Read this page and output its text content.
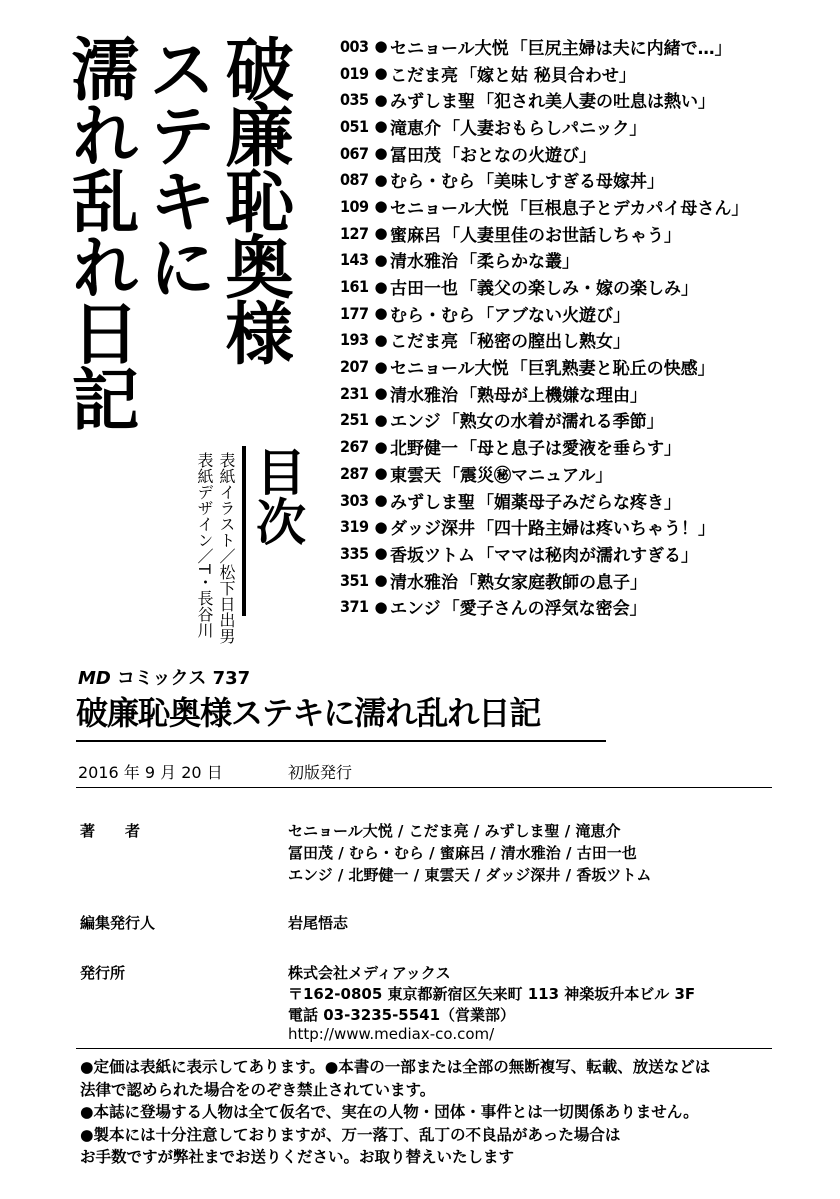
破廉恥奥様
ステキに
濡れ乱れ日記
目次
表紙イラスト／松下日出男
表紙デザイン／T・長谷川
003 ● セニョール大悦 「巨尻主婦は夫に内緒で…」
019 ● こだま亮 「嫁と姑 秘貝合わせ」
035 ● みずしま聖 「犯され美人妻の吐息は熱い」
051 ● 滝恵介 「人妻おもらしパニック」
067 ● 冨田茂 「おとなの火遊び」
087 ● むら・むら 「美味しすぎる母嫁丼」
109 ● セニョール大悦 「巨根息子とデカパイ母さん」
127 ● 蜜麻呂 「人妻里佳のお世話しちゃう」
143 ● 清水雅治 「柔らかな叢」
161 ● 古田一也 「義父の楽しみ・嫁の楽しみ」
177 ● むら・むら 「アブない火遊び」
193 ● こだま亮 「秘密の膣出し熟女」
207 ● セニョール大悦 「巨乳熟妻と恥丘の快感」
231 ● 清水雅治 「熟母が上機嫌な理由」
251 ● エンジ 「熟女の水着が濡れる季節」
267 ● 北野健一 「母と息子は愛液を垂らす」
287 ● 東雲天 「震災㊙マニュアル」
303 ● みずしま聖 「媚薬母子みだらな疼き」
319 ● ダッジ深井 「四十路主婦は疼いちゃう！」
335 ● 香坂ツトム 「ママは秘肉が濡れすぎる」
351 ● 清水雅治 「熟女家庭教師の息子」
371 ● エンジ 「愛子さんの浮気な密会」
MD コミックス 737
破廉恥奥様ステキに濡れ乱れ日記
2016 年 9 月 20 日	初版発行
著　　者	セニョール大悦 / こだま亮 / みずしま聖 / 滝恵介
冨田茂 / むら・むら / 蜜麻呂 / 清水雅治 / 古田一也
エンジ / 北野健一 / 東雲天 / ダッジ深井 / 香坂ツトム
編集発行人	岩尾悟志
発行所	株式会社メディアックス
〒162-0805 東京都新宿区矢来町 113 神楽坂升本ビル 3F
電話 03-3235-5541（営業部）
http://www.mediax-co.com/
●定価は表紙に表示してあります。●本書の一部または全部の無断複写、転載、放送などは
法律で認められた場合をのぞき禁止されています。
●本誌に登場する人物は全て仮名で、実在の人物・団体・事件とは一切関係ありません。
●製本には十分注意しておりますが、万一落丁、乱丁の不良品があった場合は
お手数ですが弊社までお送りください。お取り替えいたします
